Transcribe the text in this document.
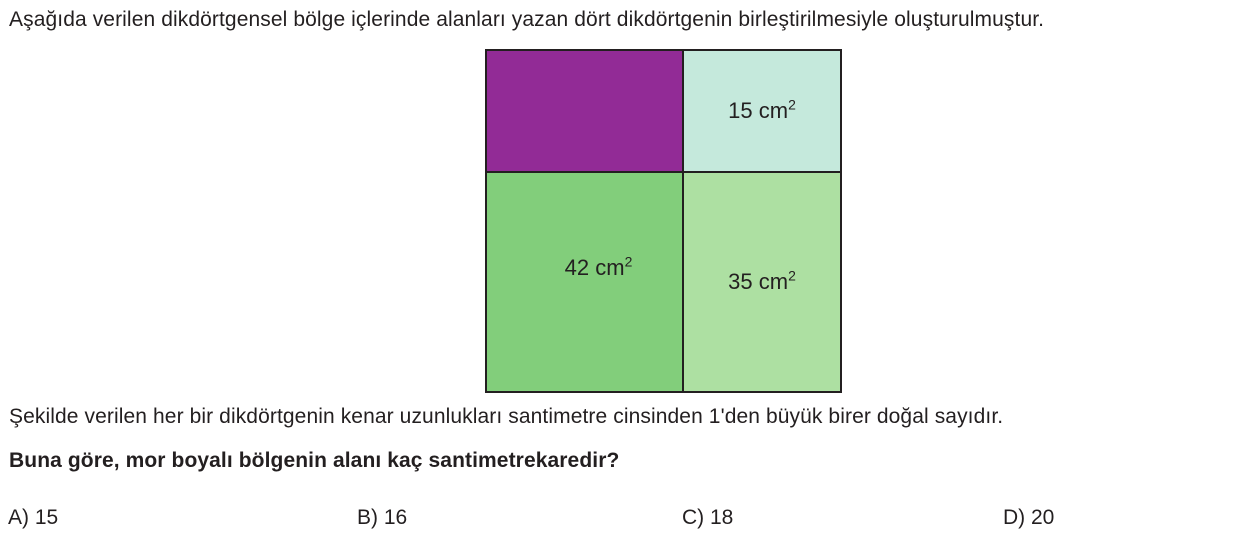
Aşağıda verilen dikdörtgensel bölge içlerinde alanları yazan dört dikdörtgenin birleştirilmesiyle oluşturulmuştur.

15 $cm^2$
42 $cm^2$
35 $cm^2$

Şekilde verilen her bir dikdörtgenin kenar uzunlukları santimetre cinsinden 1'den büyük birer doğal sayıdır.

Buna göre, mor boyalı bölgenin alanı kaç santimetrekaredir?

A) 15	B) 16	C) 18	D) 20
